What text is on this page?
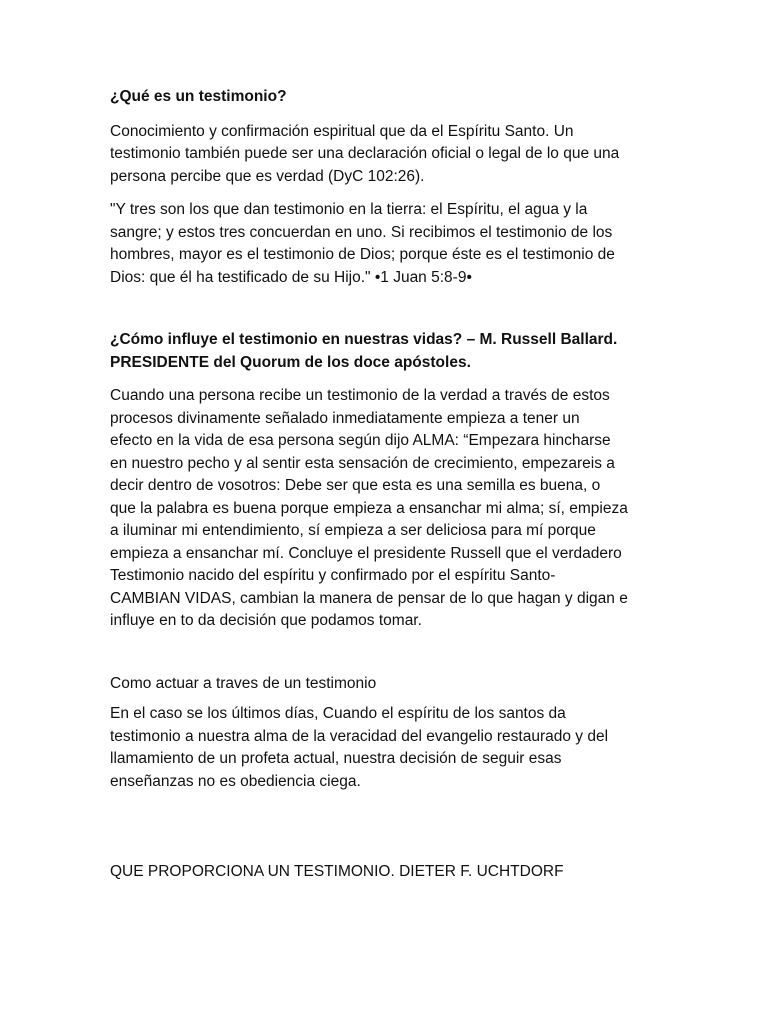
¿Qué es un testimonio?

Conocimiento y confirmación espiritual que da el Espíritu Santo. Un

testimonio también puede ser una declaración oficial o legal de lo que una

persona percibe que es verdad (DyC 102:26).

"Y tres son los que dan testimonio en la tierra: el Espíritu, el agua y la

sangre; y estos tres concuerdan en uno. Si recibimos el testimonio de los

hombres, mayor es el testimonio de Dios; porque éste es el testimonio de

Dios: que él ha testificado de su Hijo." •1 Juan 5:8-9•

¿Cómo influye el testimonio en nuestras vidas? – M. Russell Ballard.

PRESIDENTE del Quorum de los doce apóstoles.

Cuando una persona recibe un testimonio de la verdad a través de estos

procesos divinamente señalado inmediatamente empieza a tener un

efecto en la vida de esa persona según dijo ALMA: “Empezara hincharse

en nuestro pecho y al sentir esta sensación de crecimiento, empezareis a

decir dentro de vosotros: Debe ser que esta es una semilla es buena, o

que la palabra es buena porque empieza a ensanchar mi alma; sí, empieza

a iluminar mi entendimiento, sí empieza a ser deliciosa para mí porque

empieza a ensanchar mí. Concluye el presidente Russell que el verdadero

Testimonio nacido del espíritu y confirmado por el espíritu Santo-

CAMBIAN VIDAS, cambian la manera de pensar de lo que hagan y digan e

influye en to da decisión que podamos tomar.

Como actuar a traves de un testimonio

En el caso se los últimos días, Cuando el espíritu de los santos da

testimonio a nuestra alma de la veracidad del evangelio restaurado y del

llamamiento de un profeta actual, nuestra decisión de seguir esas

enseñanzas no es obediencia ciega.

QUE PROPORCIONA UN TESTIMONIO. DIETER F. UCHTDORF
